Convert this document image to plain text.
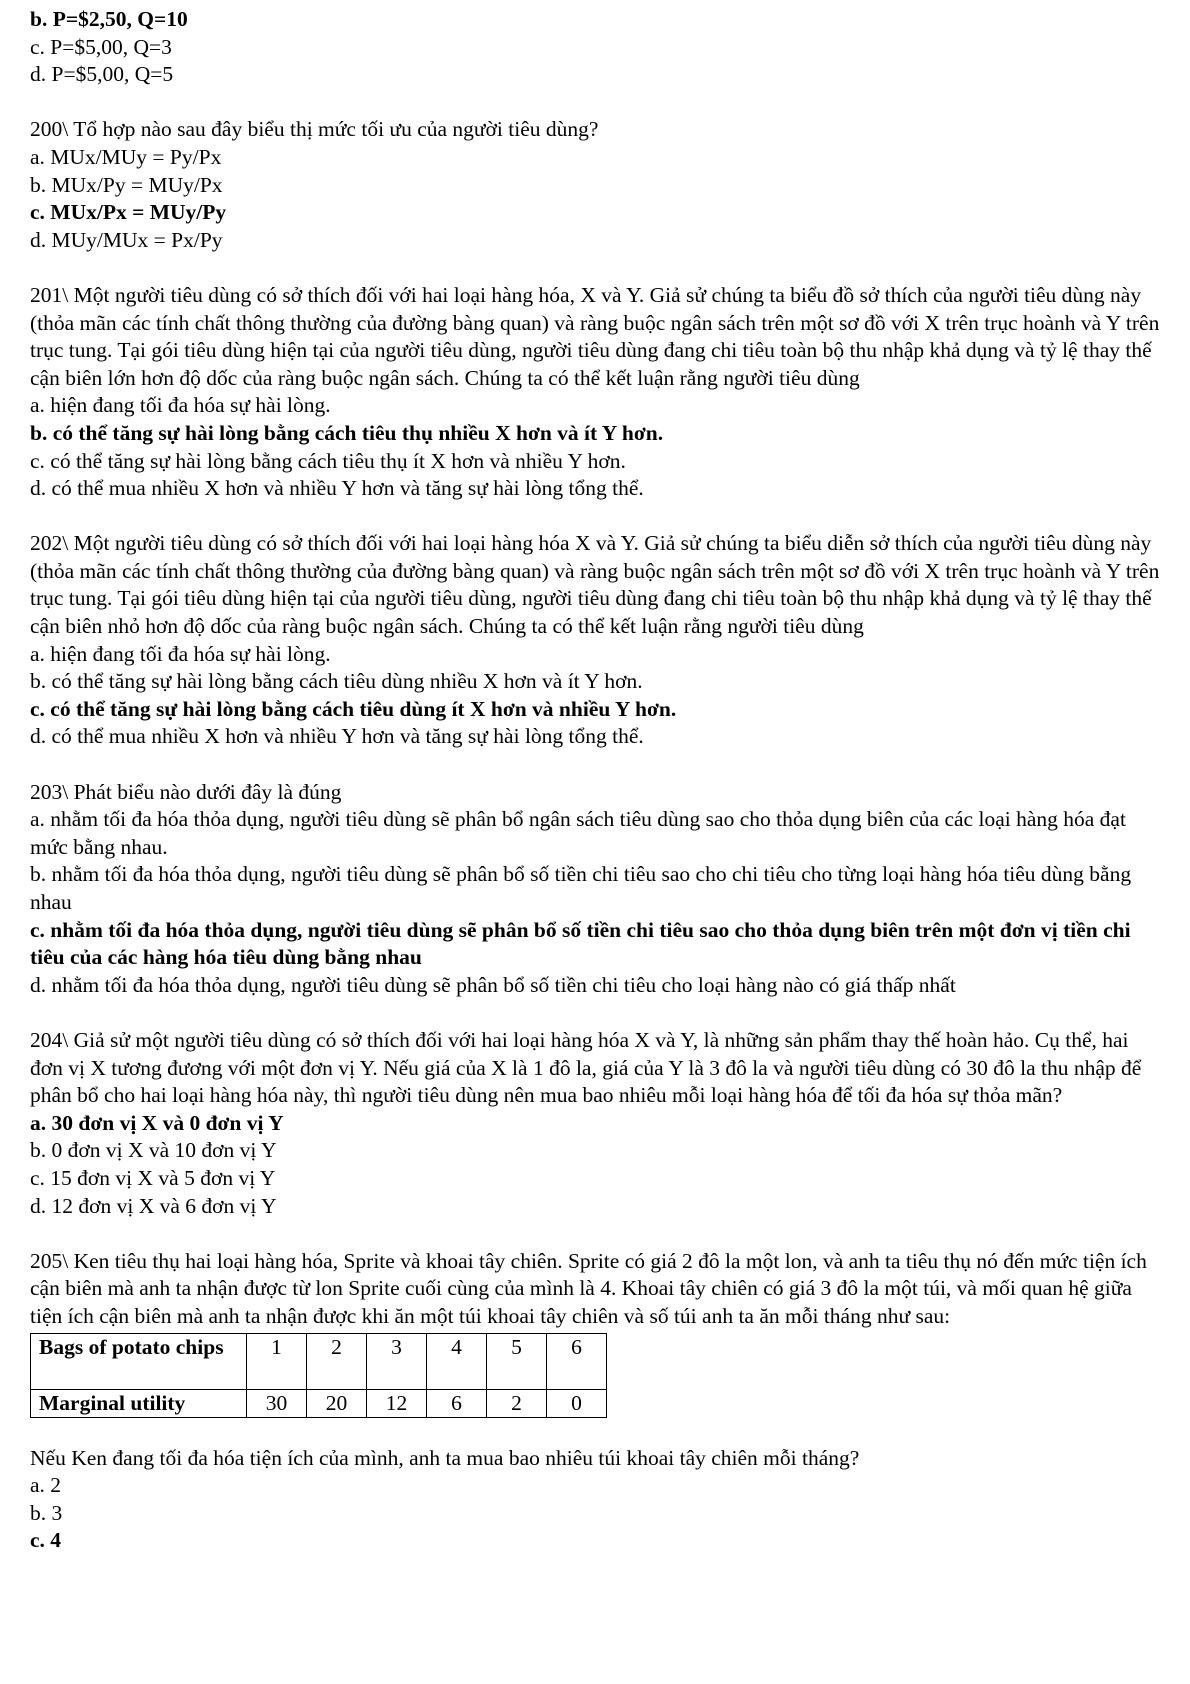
b. P=$2,50, Q=10

c. P=$5,00, Q=3

d. P=$5,00, Q=5

200\ Tổ hợp nào sau đây biểu thị mức tối ưu của người tiêu dùng?

a. MUx/MUy = Py/Px

b. MUx/Py = MUy/Px

c. MUx/Px = MUy/Py

d. MUy/MUx = Px/Py

201\ Một người tiêu dùng có sở thích đối với hai loại hàng hóa, X và Y. Giả sử chúng ta biểu đồ sở thích của người tiêu dùng này (thỏa mãn các tính chất thông thường của đường bàng quan) và ràng buộc ngân sách trên một sơ đồ với X trên trục hoành và Y trên trục tung. Tại gói tiêu dùng hiện tại của người tiêu dùng, người tiêu dùng đang chi tiêu toàn bộ thu nhập khả dụng và tỷ lệ thay thế cận biên lớn hơn độ dốc của ràng buộc ngân sách. Chúng ta có thể kết luận rằng người tiêu dùng

a. hiện đang tối đa hóa sự hài lòng.

b. có thể tăng sự hài lòng bằng cách tiêu thụ nhiều X hơn và ít Y hơn.

c. có thể tăng sự hài lòng bằng cách tiêu thụ ít X hơn và nhiều Y hơn.

d. có thể mua nhiều X hơn và nhiều Y hơn và tăng sự hài lòng tổng thể.

202\ Một người tiêu dùng có sở thích đối với hai loại hàng hóa X và Y. Giả sử chúng ta biểu diễn sở thích của người tiêu dùng này (thỏa mãn các tính chất thông thường của đường bàng quan) và ràng buộc ngân sách trên một sơ đồ với X trên trục hoành và Y trên trục tung. Tại gói tiêu dùng hiện tại của người tiêu dùng, người tiêu dùng đang chi tiêu toàn bộ thu nhập khả dụng và tỷ lệ thay thế cận biên nhỏ hơn độ dốc của ràng buộc ngân sách. Chúng ta có thể kết luận rằng người tiêu dùng

a. hiện đang tối đa hóa sự hài lòng.

b. có thể tăng sự hài lòng bằng cách tiêu dùng nhiều X hơn và ít Y hơn.

c. có thể tăng sự hài lòng bằng cách tiêu dùng ít X hơn và nhiều Y hơn.

d. có thể mua nhiều X hơn và nhiều Y hơn và tăng sự hài lòng tổng thể.

203\ Phát biểu nào dưới đây là đúng

a. nhằm tối đa hóa thỏa dụng, người tiêu dùng sẽ phân bổ ngân sách tiêu dùng sao cho thỏa dụng biên của các loại hàng hóa đạt mức bằng nhau.

b. nhằm tối đa hóa thỏa dụng, người tiêu dùng sẽ phân bổ số tiền chi tiêu sao cho chi tiêu cho từng loại hàng hóa tiêu dùng bằng nhau

c. nhằm tối đa hóa thỏa dụng, người tiêu dùng sẽ phân bổ số tiền chi tiêu sao cho thỏa dụng biên trên một đơn vị tiền chi tiêu của các hàng hóa tiêu dùng bằng nhau

d. nhằm tối đa hóa thỏa dụng, người tiêu dùng sẽ phân bổ số tiền chi tiêu cho loại hàng nào có giá thấp nhất

204\ Giả sử một người tiêu dùng có sở thích đối với hai loại hàng hóa X và Y, là những sản phẩm thay thế hoàn hảo. Cụ thể, hai đơn vị X tương đương với một đơn vị Y. Nếu giá của X là 1 đô la, giá của Y là 3 đô la và người tiêu dùng có 30 đô la thu nhập để phân bổ cho hai loại hàng hóa này, thì người tiêu dùng nên mua bao nhiêu mỗi loại hàng hóa để tối đa hóa sự thỏa mãn?

a. 30 đơn vị X và 0 đơn vị Y

b. 0 đơn vị X và 10 đơn vị Y

c. 15 đơn vị X và 5 đơn vị Y

d. 12 đơn vị X và 6 đơn vị Y

205\ Ken tiêu thụ hai loại hàng hóa, Sprite và khoai tây chiên. Sprite có giá 2 đô la một lon, và anh ta tiêu thụ nó đến mức tiện ích cận biên mà anh ta nhận được từ lon Sprite cuối cùng của mình là 4. Khoai tây chiên có giá 3 đô la một túi, và mối quan hệ giữa tiện ích cận biên mà anh ta nhận được khi ăn một túi khoai tây chiên và số túi anh ta ăn mỗi tháng như sau:

Bags of potato chips	1	2	3	4	5	6
Marginal utility	30	20	12	6	2	0

Nếu Ken đang tối đa hóa tiện ích của mình, anh ta mua bao nhiêu túi khoai tây chiên mỗi tháng?

a. 2

b. 3

c. 4
